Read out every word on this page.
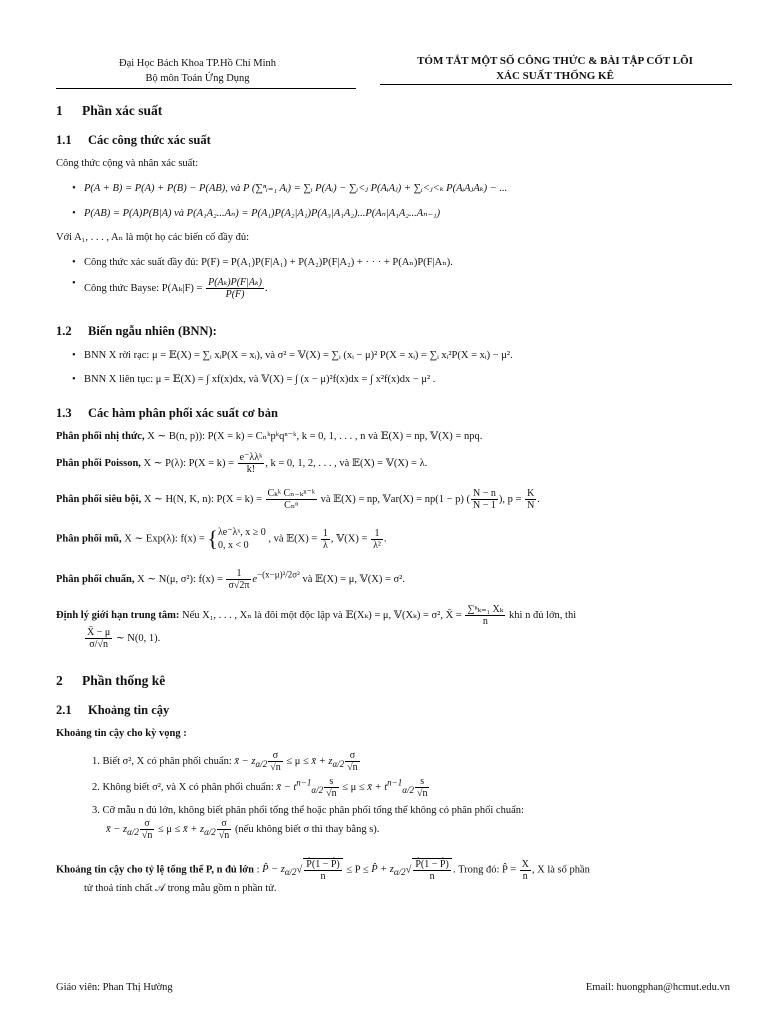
Đại Học Bách Khoa TP.Hồ Chí Minh
Bộ môn Toán Ứng Dụng
TÓM TẮT MỘT SỐ CÔNG THỨC & BÀI TẬP CỐT LÕI
XÁC SUẤT THỐNG KÊ
1 Phần xác suất
1.1 Các công thức xác suất
Công thức cộng và nhân xác suất:
• P(A + B) = P(A) + P(B) − P(AB), và P (∑ⁿᵢ₌₁ Aᵢ) = ∑ᵢ P(Aᵢ) − ∑ᵢ<ⱼ P(AᵢAⱼ) + ∑ᵢ<ⱼ<ₖ P(AᵢAⱼAₖ) − ...
• P(AB) = P(A)P(B|A) và P(A₁A₂...Aₙ) = P(A₁)P(A₂|A₁)P(A₃|A₁A₂)...P(Aₙ|A₁A₂...Aₙ₋₁)
Với A₁, . . . , Aₙ là một họ các biến cố đầy đủ:
• Công thức xác suất đầy đủ: P(F) = P(A₁)P(F|A₁) + P(A₂)P(F|A₂) + · · · + P(Aₙ)P(F|Aₙ).
• Công thức Bayse: $P(A_k|F) = \frac{\text{P(Aₖ)P(F|Aₖ)}}{P(F)}$ .
1.2 Biến ngẫu nhiên (BNN):
• BNN X rời rạc: μ = 𝔼(X) = ∑ᵢ xᵢP(X = xᵢ), và σ² = 𝕍(X) = ∑ᵢ (xᵢ − μ)² P(X = xᵢ) = ∑ᵢ xᵢ²P(X = xᵢ) − μ².
• BNN X liên tục: μ = 𝔼(X) = ∫ xf(x)dx, và 𝕍(X) = ∫ (x − μ)²f(x)dx = ∫ x²f(x)dx − μ² .
1.3 Các hàm phân phối xác suất cơ bản
Phân phối nhị thức, X ∼ B(n, p)): P(X = k) = Cₙᵏpᵏqⁿ⁻ᵏ, k = 0, 1, . . . , n và 𝔼(X) = np, 𝕍(X) = npq.
Phân phối Poisson, X ∼ P(λ): $P(X = k) = \frac{\text{e⁻λλᵏ}}{k!}$ , k = 0, 1, 2, . . . , và 𝔼(X) = 𝕍(X) = λ.
Phân phối siêu bội, X ∼ H(N, K, n): $P(X = k) = \frac{\text{Cₖᵏ Cₙ₋ₖⁿ⁻ᵏ}}{\text{Cₙⁿ}}$ và 𝔼(X) = np, 𝕍ar(X) = np(1 − p) ( $\frac{N - n}{N - 1}$ ), $p = \frac{K}{N}$ .
Phân phối mũ, X ∼ Exp(λ): f(x) = {λe⁻λˣ, x ≥ 0
0, x < 0 , và 𝔼(X) = $\frac{1}{\lambda}$ , 𝕍(X) = $\frac{1}{\text{λ²}}$ .
Phân phối chuẩn, X ∼ N(μ, σ²): $f(x) = \frac{1}{\sigma√2\pi} e^{-(x-\mu)^2/2\sigma^2}$ và 𝔼(X) = μ, 𝕍(X) = σ².
Định lý giới hạn trung tâm: Nếu X₁, . . . , Xₙ là đôi một độc lập và 𝔼(Xₖ) = μ, 𝕍(Xₖ) = σ², X̄ = $\frac{\text{∑ⁿₖ₌₁ Xₖ}}{n}$ khi n đủ lớn, thì
$\frac{X̄ - \mu}{\sigma/√n}$ ∼ N(0, 1).
2 Phần thống kê
2.1 Khoảng tin cậy
Khoảng tin cậy cho kỳ vọng :
1. Biết σ², X có phân phối chuẩn: x̄ − $z_{\alpha/2} \frac{\sigma}{√n} \le \mu$ ≤ x̄ + $z_{\alpha/2} \frac{\sigma}{√n}$
2. Không biết σ², và X có phân phối chuẩn: x̄ − $t^{n-1}_{\alpha/2} \frac{s}{√n} \le \mu$ ≤ x̄ + $t^{n-1}_{\alpha/2} \frac{s}{√n}$
3. Cỡ mẫu n đủ lớn, không biết phân phối tổng thể hoặc phân phối tổng thể không có phân phối chuẩn:
x̄ − $z_{\alpha/2} \frac{\sigma}{√n} \le \mu$ ≤ x̄ + $z_{\alpha/2} \frac{\sigma}{√n}$ (nếu không biết σ thì thay bằng s).
Khoảng tin cậy cho tỷ lệ tổng thể P, n đủ lớn : P̂ − $z_{\alpha/2}√ \frac{P̂(1 - P̂)}{n} \le P$ ≤ P̂ + $z_{\alpha/2}√ \frac{P̂(1 - P̂)}{n}$ . Trong đó: P̂ = $\frac{X}{n}$ , X là số phần
tử thoả tính chất 𝒜 trong mẫu gồm n phần tử.
Giáo viên: Phan Thị Hường	Email: huongphan@hcmut.edu.vn
